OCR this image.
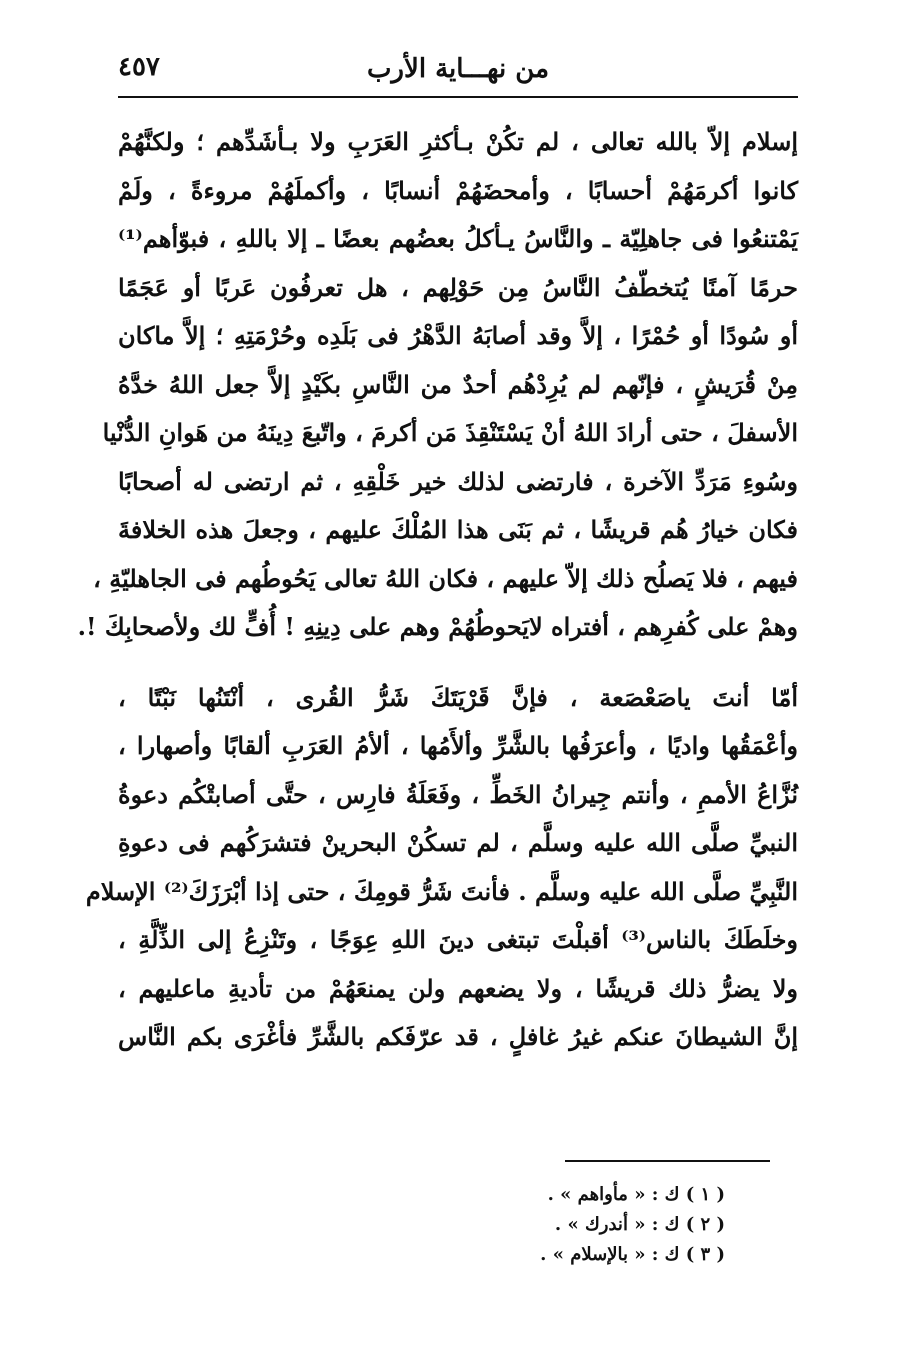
من نهـــاية الأرب
٤٥٧
إسلام إلاّ بالله تعالى ، لم تكُنْ بـأكثرِ العَرَبِ ولا بـأشَدِّهم ؛ ولكنَّهُمْ
كانوا أكرمَهُمْ أحسابًا ، وأمحضَهُمْ أنسابًا ، وأكملَهُمْ مروءةً ، ولَمْ
يَمْتنعُوا فى جاهلِيّة ـ والنَّاسُ يـأكلُ بعضُهم بعضًا ـ إلا باللهِ ، فبوّأهم⁽¹⁾
حرمًا آمنًا يُتخطّفُ النَّاسُ مِن حَوْلِهم ، هل تعرفُون عَربًا أو عَجَمًا
أو سُودًا أو حُمْرًا ، إلاَّ وقد أصابَهُ الدَّهْرُ فى بَلَدِه وحُرْمَتِهِ ؛ إلاَّ ماكان
مِنْ قُرَيشٍ ، فإنّهم لم يُرِدْهُم أحدٌ من النَّاسِ بكَيْدٍ إلاَّ جعل اللهُ خدَّهُ
الأسفلَ ، حتى أرادَ اللهُ أنْ يَسْتَنْقِذَ مَن أكرمَ ، واتّبعَ دِينَهُ من هَوانِ الدُّنْيا
وسُوءِ مَرَدِّ الآخرة ، فارتضى لذلك خير خَلْقِهِ ، ثم ارتضى له أصحابًا
فكان خيارُ هُم قريشًا ، ثم بَنَى هذا المُلْكَ عليهم ، وجعلَ هذه الخلافةَ
فيهم ، فلا يَصلُح ذلك إلاّ عليهم ، فكان اللهُ تعالى يَحُوطُهم فى الجاهليّةِ ،
وهمْ على كُفرِهم ، أفتراه لايَحوطُهُمْ وهم على دِينِهِ ! أُفٍّ لك ولأصحابِكَ !.
أمّا أنتَ ياصَعْصَعة ، فإنَّ قَرْيَتَكَ شَرُّ القُرى ، أنْتَنُها نَبْتًا ،
وأعْمَقُها واديًا ، وأعرَفُها بالشَّرِّ وألأَمُها ، ألأمُ العَرَبِ ألقابًا وأصهارا ،
نُزَّاعُ الأممِ ، وأنتم جِيرانُ الخَطِّ ، وفَعَلَةُ فارِس ، حتَّى أصابتْكُم دعوةُ
النبيِّ صلَّى الله عليه وسلَّم ، لم تسكُنْ البحرينْ فتشرَكُهم فى دعوةِ
النَّبِيِّ صلَّى الله عليه وسلَّم . فأنتَ شَرُّ قومِكَ ، حتى إذا أبْرَزَكَ⁽²⁾ الإسلام
وخلَطَكَ بالناس⁽³⁾ أقبلْتَ تبتغى دينَ اللهِ عِوَجًا ، وتَنْزِعُ إلى الذِّلَّةِ ،
ولا يضرُّ ذلك قريشًا ، ولا يضعهم ولن يمنعَهُمْ من تأديةِ ماعليهم ،
إنَّ الشيطانَ عنكم غيرُ غافلٍ ، قد عرّفَكم بالشَّرِّ فأغْرَى بكم النَّاس
( ١ ) ك : « مأواهم » .
( ٢ ) ك : « أندرك » .
( ٣ ) ك : « بالإسلام » .
